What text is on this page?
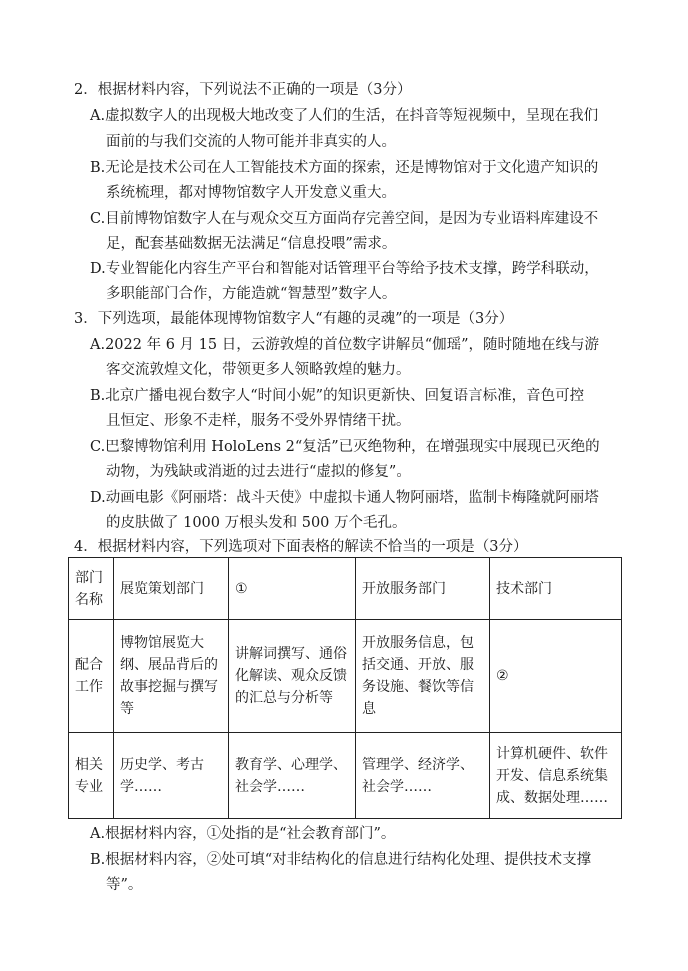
2．根据材料内容，下列说法不正确的一项是（3分）
A.虚拟数字人的出现极大地改变了人们的生活，在抖音等短视频中，呈现在我们
面前的与我们交流的人物可能并非真实的人。
B.无论是技术公司在人工智能技术方面的探索，还是博物馆对于文化遗产知识的
系统梳理，都对博物馆数字人开发意义重大。
C.目前博物馆数字人在与观众交互方面尚存完善空间，是因为专业语料库建设不
足，配套基础数据无法满足“信息投喂”需求。
D.专业智能化内容生产平台和智能对话管理平台等给予技术支撑，跨学科联动，
多职能部门合作，方能造就“智慧型”数字人。
3．下列选项，最能体现博物馆数字人“有趣的灵魂”的一项是（3分）
A.2022 年 6 月 15 日，云游敦煌的首位数字讲解员“伽瑶”，随时随地在线与游
客交流敦煌文化，带领更多人领略敦煌的魅力。
B.北京广播电视台数字人“时间小妮”的知识更新快、回复语言标准，音色可控
且恒定、形象不走样，服务不受外界情绪干扰。
C.巴黎博物馆利用 HoloLens 2“复活”已灭绝物种，在增强现实中展现已灭绝的
动物，为残缺或消逝的过去进行“虚拟的修复”。
D.动画电影《阿丽塔：战斗天使》中虚拟卡通人物阿丽塔，监制卡梅隆就阿丽塔
的皮肤做了 1000 万根头发和 500 万个毛孔。
4．根据材料内容，下列选项对下面表格的解读不恰当的一项是（3分）
部门名称	展览策划部门	①	开放服务部门	技术部门
配合工作	博物馆展览大纲、展品背后的故事挖掘与撰写等	讲解词撰写、通俗化解读、观众反馈的汇总与分析等	开放服务信息，包括交通、开放、服务设施、餐饮等信息	②
相关专业	历史学、考古学……	教育学、心理学、社会学……	管理学、经济学、社会学……	计算机硬件、软件开发、信息系统集成、数据处理……
A.根据材料内容，①处指的是“社会教育部门”。
B.根据材料内容，②处可填“对非结构化的信息进行结构化处理、提供技术支撑
等”。
